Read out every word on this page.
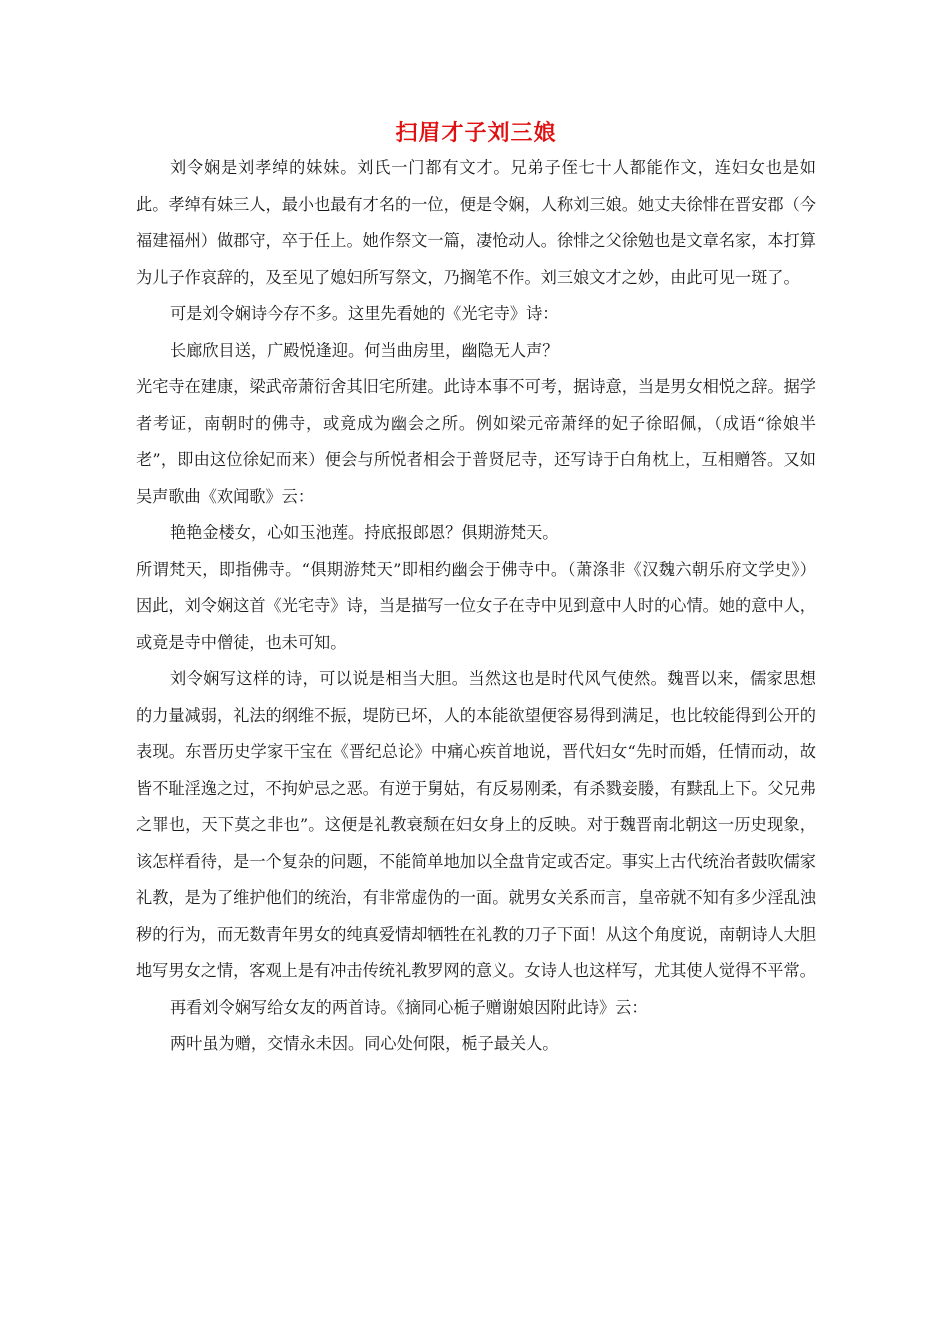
扫眉才子刘三娘

刘令娴是刘孝绰的妹妹。刘氏一门都有文才。兄弟子侄七十人都能作文，连妇女也是如此。孝绰有妹三人，最小也最有才名的一位，便是令娴，人称刘三娘。她丈夫徐悱在晋安郡（今福建福州）做郡守，卒于任上。她作祭文一篇，凄怆动人。徐悱之父徐勉也是文章名家，本打算为儿子作哀辞的，及至见了媳妇所写祭文，乃搁笔不作。刘三娘文才之妙，由此可见一斑了。

可是刘令娴诗今存不多。这里先看她的《光宅寺》诗：

长廊欣目送，广殿悦逢迎。何当曲房里，幽隐无人声？

光宅寺在建康，梁武帝萧衍舍其旧宅所建。此诗本事不可考，据诗意，当是男女相悦之辞。据学者考证，南朝时的佛寺，或竟成为幽会之所。例如梁元帝萧绎的妃子徐昭佩，（成语“徐娘半老”，即由这位徐妃而来）便会与所悦者相会于普贤尼寺，还写诗于白角枕上，互相赠答。又如吴声歌曲《欢闻歌》云：

艳艳金楼女，心如玉池莲。持底报郎恩？俱期游梵天。

所谓梵天，即指佛寺。“俱期游梵天”即相约幽会于佛寺中。（萧涤非《汉魏六朝乐府文学史》）因此，刘令娴这首《光宅寺》诗，当是描写一位女子在寺中见到意中人时的心情。她的意中人，或竟是寺中僧徒，也未可知。

刘令娴写这样的诗，可以说是相当大胆。当然这也是时代风气使然。魏晋以来，儒家思想的力量减弱，礼法的纲维不振，堤防已坏，人的本能欲望便容易得到满足，也比较能得到公开的表现。东晋历史学家干宝在《晋纪总论》中痛心疾首地说，晋代妇女“先时而婚，任情而动，故皆不耻淫逸之过，不拘妒忌之恶。有逆于舅姑，有反易刚柔，有杀戮妾媵，有黩乱上下。父兄弗之罪也，天下莫之非也”。这便是礼教衰颓在妇女身上的反映。对于魏晋南北朝这一历史现象，该怎样看待，是一个复杂的问题，不能简单地加以全盘肯定或否定。事实上古代统治者鼓吹儒家礼教，是为了维护他们的统治，有非常虚伪的一面。就男女关系而言，皇帝就不知有多少淫乱浊秽的行为，而无数青年男女的纯真爱情却牺牲在礼教的刀子下面！从这个角度说，南朝诗人大胆地写男女之情，客观上是有冲击传统礼教罗网的意义。女诗人也这样写，尤其使人觉得不平常。

再看刘令娴写给女友的两首诗。《摘同心栀子赠谢娘因附此诗》云：

两叶虽为赠，交情永未因。同心处何限，栀子最关人。
